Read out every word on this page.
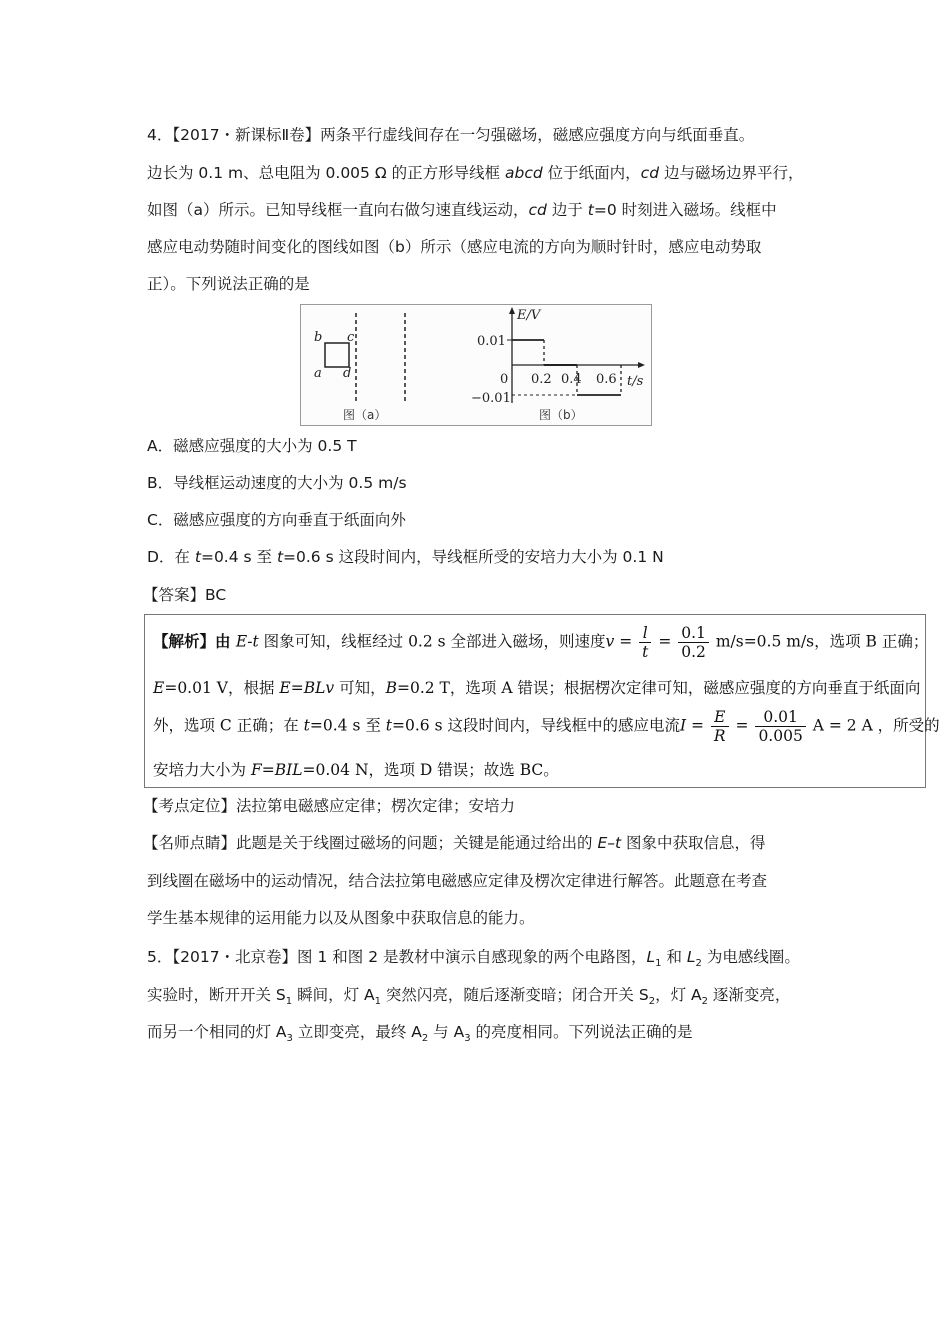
4．【2017・新课标Ⅱ卷】两条平行虚线间存在一匀强磁场，磁感应强度方向与纸面垂直。
边长为 0.1 m、总电阻为 0.005 Ω 的正方形导线框 abcd 位于纸面内，cd 边与磁场边界平行，
如图（a）所示。已知导线框一直向右做匀速直线运动，cd 边于 t=0 时刻进入磁场。线框中
感应电动势随时间变化的图线如图（b）所示（感应电流的方向为顺时针时，感应电动势取
正）。下列说法正确的是
b c
a d
图（a）
E/V
t/s
0.01
−0.01
0 0.2 0.4 0.6
图（b）
A．磁感应强度的大小为 0.5 T
B．导线框运动速度的大小为 0.5 m/s
C．磁感应强度的方向垂直于纸面向外
D．在 t=0.4 s 至 t=0.6 s 这段时间内，导线框所受的安培力大小为 0.1 N
【答案】BC
【解析】由 E-t 图象可知，线框经过 0.2 s 全部进入磁场，则速度$v = \frac{l}{t} = \frac{0.1}{0.2} m/s=0.5$ m/s，选项 B 正确；
E=0.01 V，根据 E=BLv 可知，B=0.2 T，选项 A 错误；根据楞次定律可知，磁感应强度的方向垂直于纸面向
外，选项 C 正确；在 t=0.4 s 至 t=0.6 s 这段时间内，导线框中的感应电流$I = \frac{E}{R} = \frac{0.01}{0.005}$ A = 2 A ，所受的
安培力大小为 F=BIL=0.04 N，选项 D 错误；故选 BC。
【考点定位】法拉第电磁感应定律；楞次定律；安培力
【名师点睛】此题是关于线圈过磁场的问题；关键是能通过给出的 E–t 图象中获取信息，得
到线圈在磁场中的运动情况，结合法拉第电磁感应定律及楞次定律进行解答。此题意在考查
学生基本规律的运用能力以及从图象中获取信息的能力。
5．【2017・北京卷】图 1 和图 2 是教材中演示自感现象的两个电路图，$L_1$ 和 $L_2$ 为电感线圈。
实验时，断开开关 $S_1$ 瞬间，灯 $A_1$ 突然闪亮，随后逐渐变暗；闭合开关 $S_2$，灯 $A_2$ 逐渐变亮，
而另一个相同的灯 $A_3$ 立即变亮，最终 $A_2$ 与 $A_3$ 的亮度相同。下列说法正确的是
